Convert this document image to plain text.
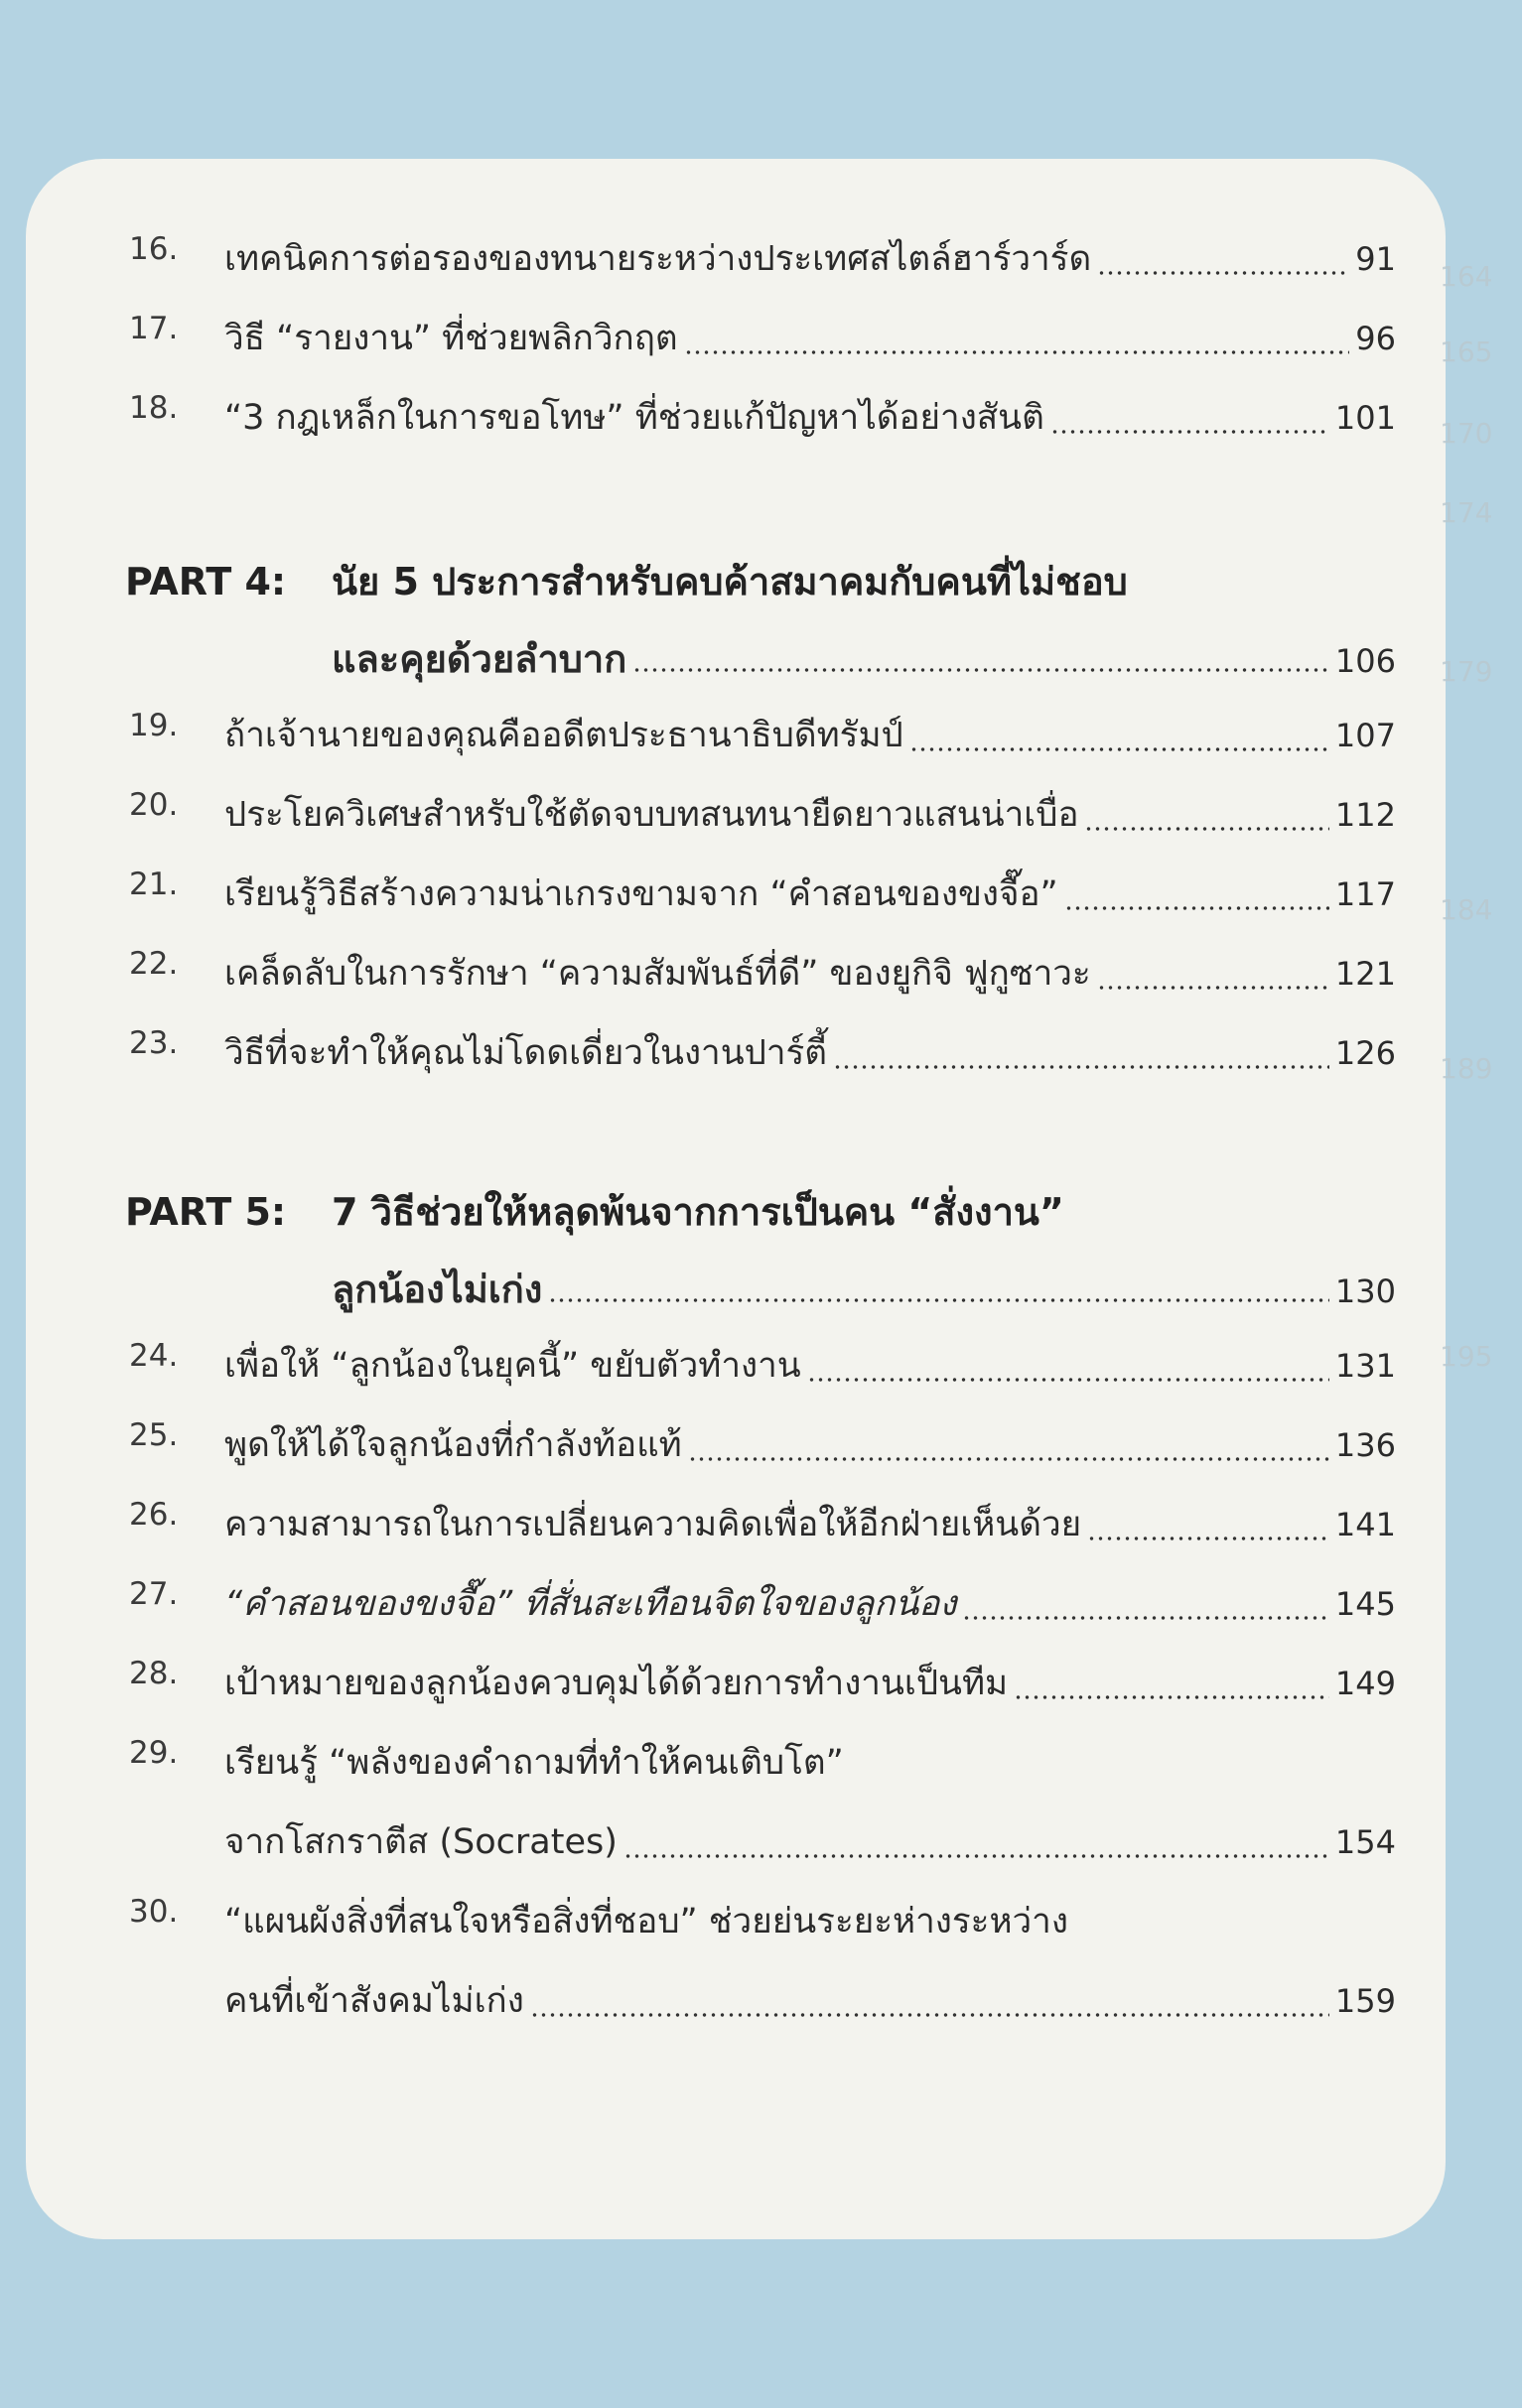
16.	เทคนิคการต่อรองของทนายระหว่างประเทศสไตล์ฮาร์วาร์ด	91
17.	วิธี “รายงาน” ที่ช่วยพลิกวิกฤต	96
18.	“3 กฎเหล็กในการขอโทษ” ที่ช่วยแก้ปัญหาได้อย่างสันติ	101
PART 4: นัย 5 ประการสำหรับคบค้าสมาคมกับคนที่ไม่ชอบ
และคุยด้วยลำบาก	106
19.	ถ้าเจ้านายของคุณคืออดีตประธานาธิบดีทรัมป์	107
20.	ประโยควิเศษสำหรับใช้ตัดจบบทสนทนายืดยาวแสนน่าเบื่อ	112
21.	เรียนรู้วิธีสร้างความน่าเกรงขามจาก “คำสอนของขงจื๊อ”	117
22.	เคล็ดลับในการรักษา “ความสัมพันธ์ที่ดี” ของยูกิจิ ฟูกูซาวะ	121
23.	วิธีที่จะทำให้คุณไม่โดดเดี่ยวในงานปาร์ตี้	126
PART 5: 7 วิธีช่วยให้หลุดพ้นจากการเป็นคน “สั่งงาน”
ลูกน้องไม่เก่ง	130
24.	เพื่อให้ “ลูกน้องในยุคนี้” ขยับตัวทำงาน	131
25.	พูดให้ได้ใจลูกน้องที่กำลังท้อแท้	136
26.	ความสามารถในการเปลี่ยนความคิดเพื่อให้อีกฝ่ายเห็นด้วย	141
27.	“คำสอนของขงจื๊อ” ที่สั่นสะเทือนจิตใจของลูกน้อง	145
28.	เป้าหมายของลูกน้องควบคุมได้ด้วยการทำงานเป็นทีม	149
29.	เรียนรู้ “พลังของคำถามที่ทำให้คนเติบโต”
จากโสกราตีส (Socrates)	154
30.	“แผนผังสิ่งที่สนใจหรือสิ่งที่ชอบ” ช่วยย่นระยะห่างระหว่าง
คนที่เข้าสังคมไม่เก่ง	159
164
165
170
174
179
184
189
195
